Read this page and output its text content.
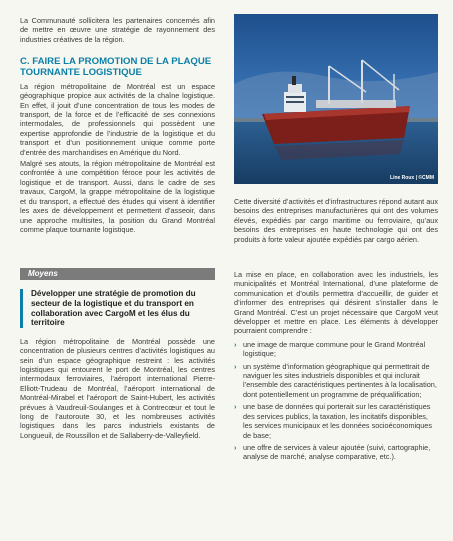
La Communauté sollicitera les partenaires concernés afin de mettre en œuvre une stratégie de rayonnement des industries créatives de la région.

C. FAIRE LA PROMOTION DE LA PLAQUE TOURNANTE LOGISTIQUE

La région métropolitaine de Montréal est un espace géographique propice aux activités de la chaîne logistique. En effet, il jouit d’une concentration de tous les modes de transport, de la force et de l’efficacité de ses connexions intermodales, de professionnels qui possèdent une expertise approfondie de l’industrie de la logistique et du transport et d’un positionnement unique comme porte d’entrée des marchandises en Amérique du Nord.

Malgré ses atouts, la région métropolitaine de Montréal est confrontée à une compétition féroce pour les activités de logistique et de transport. Aussi, dans le cadre de ses travaux, CargoM, la grappe métropolitaine de la logistique et du transport, a effectué des études qui visent à identifier les axes de développement et permettent d’asseoir, dans une approche multisites, la position du Grand Montréal comme plaque tournante logistique.

Moyens
Développer une stratégie de promotion du secteur de la logistique et du transport en collaboration avec CargoM et les élus du territoire

La région métropolitaine de Montréal possède une concentration de plusieurs centres d’activités logistiques au sein d’un espace géographique restreint : les activités logistiques qui entourent le port de Montréal, les centres intermodaux ferroviaires, l’aéroport international Pierre-Elliott-Trudeau de Montréal, l’aéroport international de Montréal-Mirabel et l’aéroport de Saint-Hubert, les activités prévues à Vaudreuil-Soulanges et à Contrecœur et tout le long de l’autoroute 30, et les nombreuses activités logistiques dans les parcs industriels existants de Longueuil, de Roussillon et de Sallaberry-de-Valleyfield.

Line Roux | ©CMM

Cette diversité d’activités et d’infrastructures répond autant aux besoins des entreprises manufacturières qui ont des volumes élevés, expédiés par cargo maritime ou ferroviaire, qu’aux besoins des entreprises en haute technologie qui ont des produits à forte valeur ajoutée expédiés par cargo aérien.

La mise en place, en collaboration avec les industriels, les municipalités et Montréal International, d’une plateforme de communication et d’outils permettra d’accueillir, de guider et d’informer des entreprises qui désirent s’installer dans le Grand Montréal. C’est un projet nécessaire que CargoM veut développer et mettre en place. Les éléments à développer pourraient comprendre :

› une image de marque commune pour le Grand Montréal logistique;
› un système d’information géographique qui permettrait de naviguer les sites industriels disponibles et qui inclurait l’ensemble des caractéristiques pertinentes à la localisation, dont potentiellement un programme de préqualification;
› une base de données qui porterait sur les caractéristiques des services publics, la taxation, les incitatifs disponibles, les services municipaux et les données socioéconomiques de base;
› une offre de services à valeur ajoutée (suivi, cartographie, analyse de marché, analyse comparative, etc.).
